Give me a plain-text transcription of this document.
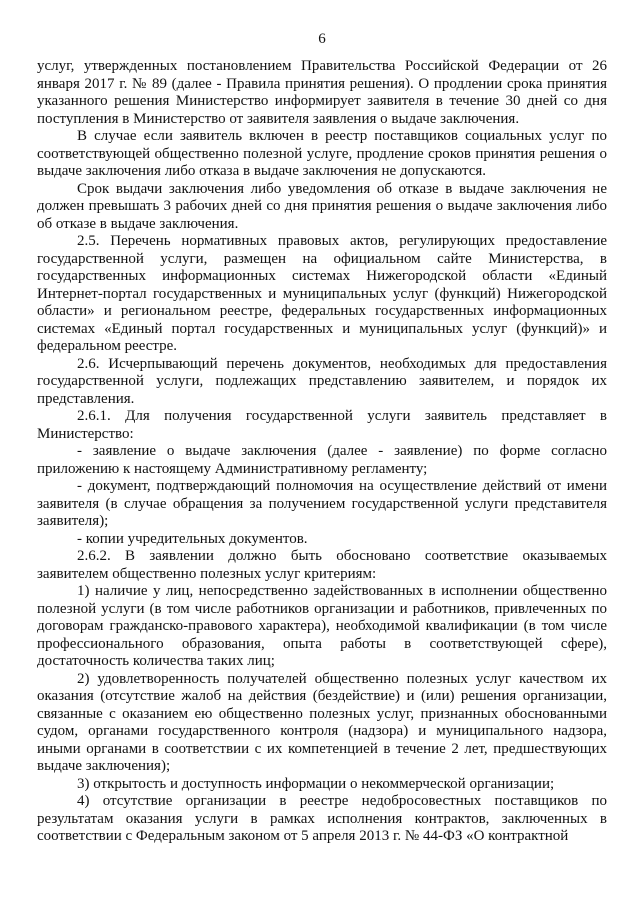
6

услуг, утвержденных постановлением Правительства Российской Федерации от 26 января 2017 г. № 89 (далее - Правила принятия решения). О продлении срока принятия указанного решения Министерство информирует заявителя в течение 30 дней со дня поступления в Министерство от заявителя заявления о выдаче заключения.

В случае если заявитель включен в реестр поставщиков социальных услуг по соответствующей общественно полезной услуге, продление сроков принятия решения о выдаче заключения либо отказа в выдаче заключения не допускаются.

Срок выдачи заключения либо уведомления об отказе в выдаче заключения не должен превышать 3 рабочих дней со дня принятия решения о выдаче заключения либо об отказе в выдаче заключения.

2.5. Перечень нормативных правовых актов, регулирующих предоставление государственной услуги, размещен на официальном сайте Министерства, в государственных информационных системах Нижегородской области «Единый Интернет-портал государственных и муниципальных услуг (функций) Нижегородской области» и региональном реестре, федеральных государственных информационных системах «Единый портал государственных и муниципальных услуг (функций)» и федеральном реестре.

2.6. Исчерпывающий перечень документов, необходимых для предоставления государственной услуги, подлежащих представлению заявителем, и порядок их представления.

2.6.1. Для получения государственной услуги заявитель представляет в Министерство:

- заявление о выдаче заключения (далее - заявление) по форме согласно приложению к настоящему Административному регламенту;

- документ, подтверждающий полномочия на осуществление действий от имени заявителя (в случае обращения за получением государственной услуги представителя заявителя);

- копии учредительных документов.

2.6.2. В заявлении должно быть обосновано соответствие оказываемых заявителем общественно полезных услуг критериям:

1) наличие у лиц, непосредственно задействованных в исполнении общественно полезной услуги (в том числе работников организации и работников, привлеченных по договорам гражданско-правового характера), необходимой квалификации (в том числе профессионального образования, опыта работы в соответствующей сфере), достаточность количества таких лиц;

2) удовлетворенность получателей общественно полезных услуг качеством их оказания (отсутствие жалоб на действия (бездействие) и (или) решения организации, связанные с оказанием ею общественно полезных услуг, признанных обоснованными судом, органами государственного контроля (надзора) и муниципального надзора, иными органами в соответствии с их компетенцией в течение 2 лет, предшествующих выдаче заключения);

3) открытость и доступность информации о некоммерческой организации;

4) отсутствие организации в реестре недобросовестных поставщиков по результатам оказания услуги в рамках исполнения контрактов, заключенных в соответствии с Федеральным законом от 5 апреля 2013 г. № 44-ФЗ «О контрактной
